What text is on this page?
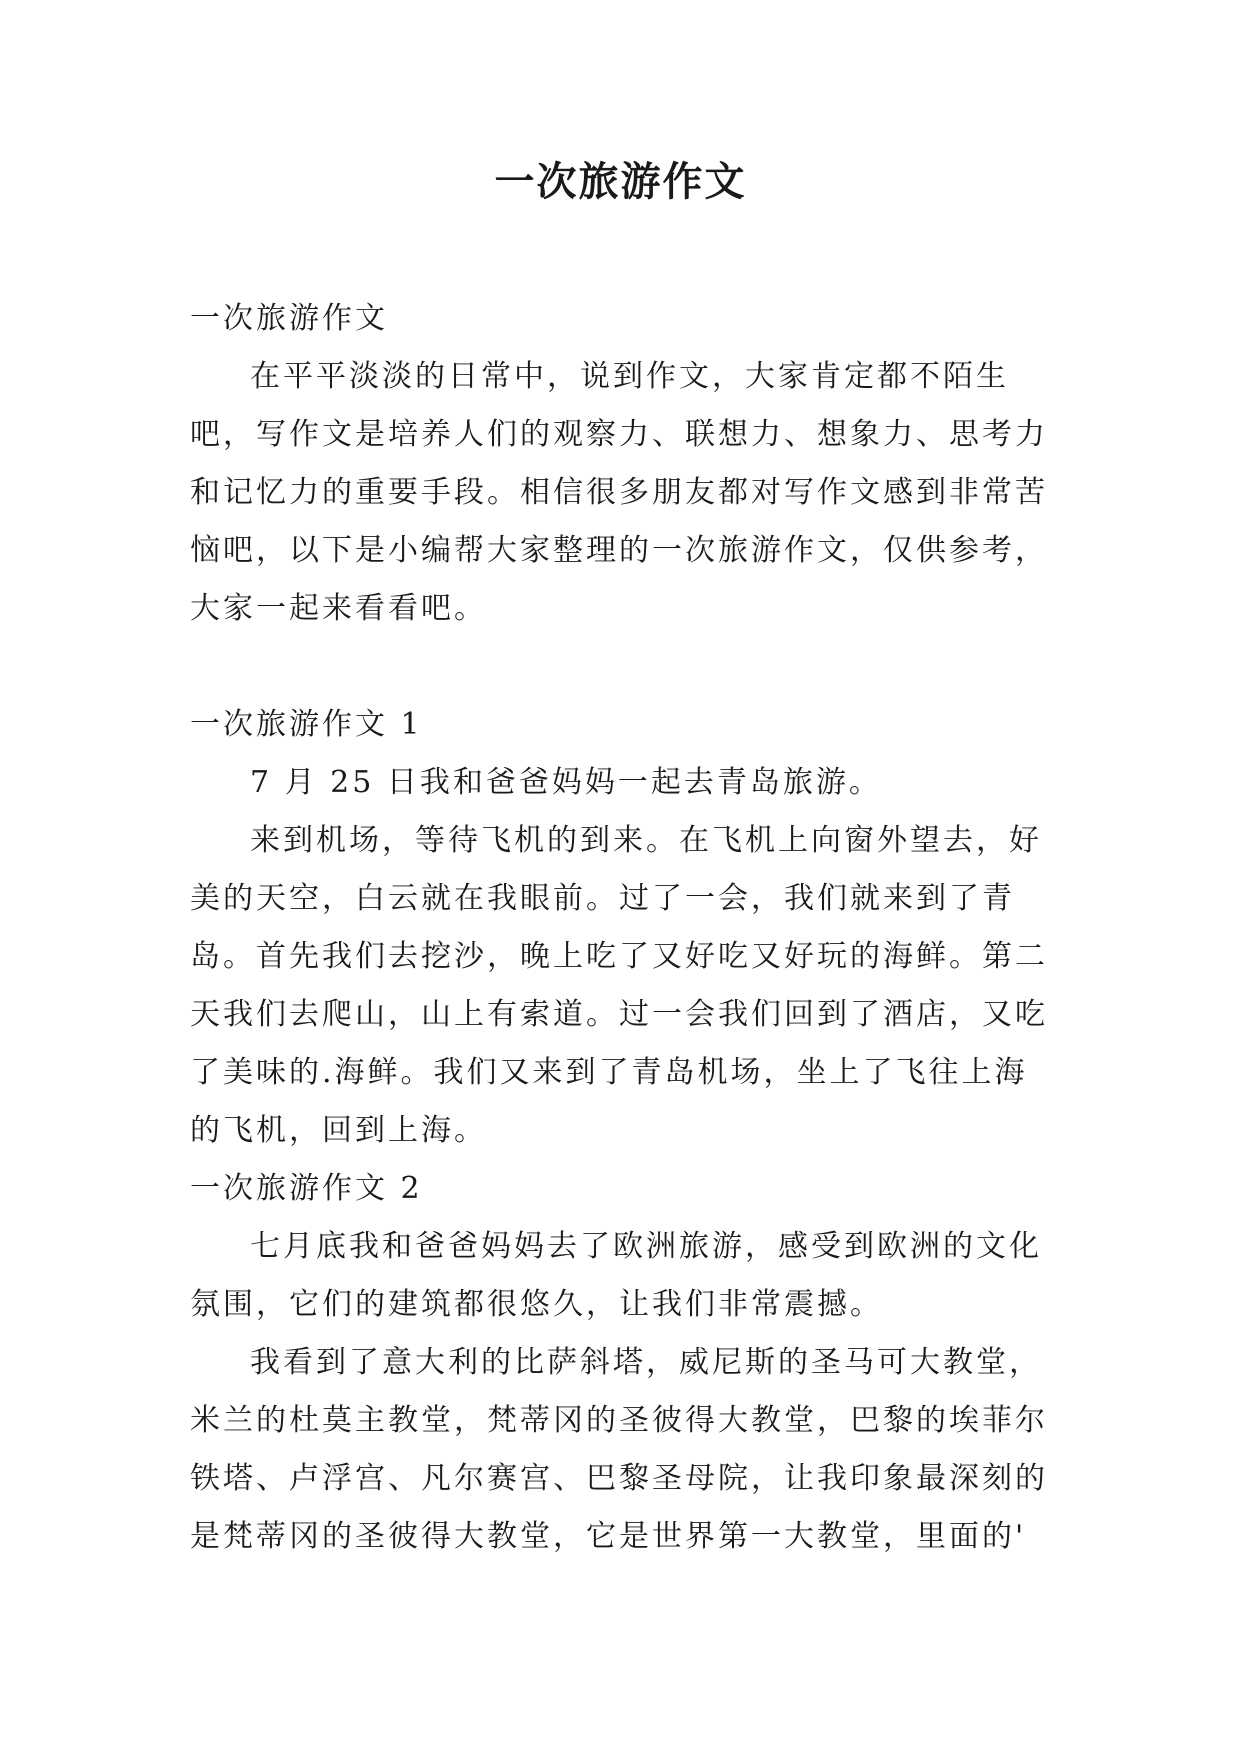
一次旅游作文

一次旅游作文

在平平淡淡的日常中，说到作文，大家肯定都不陌生吧，写作文是培养人们的观察力、联想力、想象力、思考力和记忆力的重要手段。相信很多朋友都对写作文感到非常苦恼吧，以下是小编帮大家整理的一次旅游作文，仅供参考，大家一起来看看吧。

一次旅游作文 1

7 月 25 日我和爸爸妈妈一起去青岛旅游。

来到机场，等待飞机的到来。在飞机上向窗外望去，好美的天空，白云就在我眼前。过了一会，我们就来到了青岛。首先我们去挖沙，晚上吃了又好吃又好玩的海鲜。第二天我们去爬山，山上有索道。过一会我们回到了酒店，又吃了美味的.海鲜。我们又来到了青岛机场，坐上了飞往上海的飞机，回到上海。

一次旅游作文 2

七月底我和爸爸妈妈去了欧洲旅游，感受到欧洲的文化氛围，它们的建筑都很悠久，让我们非常震撼。

我看到了意大利的比萨斜塔，威尼斯的圣马可大教堂，米兰的杜莫主教堂，梵蒂冈的圣彼得大教堂，巴黎的埃菲尔铁塔、卢浮宫、凡尔赛宫、巴黎圣母院，让我印象最深刻的是梵蒂冈的圣彼得大教堂，它是世界第一大教堂，里面的'
